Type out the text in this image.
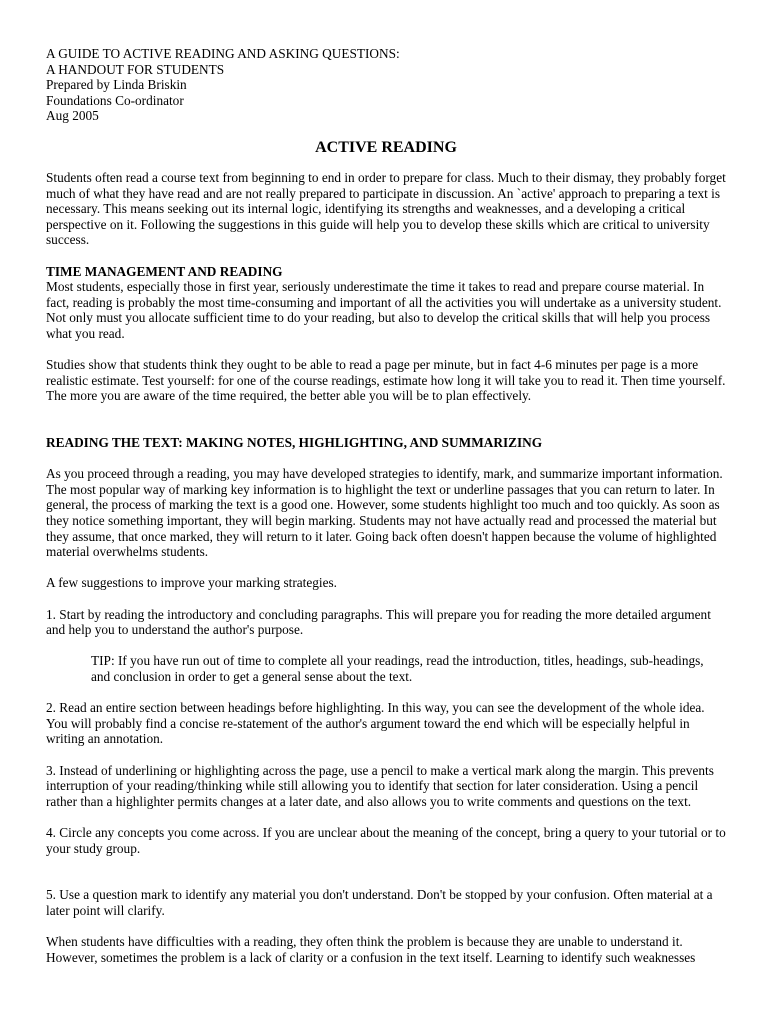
A GUIDE TO ACTIVE READING AND ASKING QUESTIONS:
A HANDOUT FOR STUDENTS
Prepared by Linda Briskin
Foundations Co-ordinator
Aug 2005
ACTIVE READING

Students often read a course text from beginning to end in order to prepare for class. Much to their dismay, they probably forget much of what they have read and are not really prepared to participate in discussion. An `active' approach to preparing a text is necessary. This means seeking out its internal logic, identifying its strengths and weaknesses, and a developing a critical perspective on it. Following the suggestions in this guide will help you to develop these skills which are critical to university success.

TIME MANAGEMENT AND READING

Most students, especially those in first year, seriously underestimate the time it takes to read and prepare course material. In fact, reading is probably the most time-consuming and important of all the activities you will undertake as a university student. Not only must you allocate sufficient time to do your reading, but also to develop the critical skills that will help you process what you read.

Studies show that students think they ought to be able to read a page per minute, but in fact 4-6 minutes per page is a more realistic estimate. Test yourself: for one of the course readings, estimate how long it will take you to read it. Then time yourself. The more you are aware of the time required, the better able you will be to plan effectively.

READING THE TEXT: MAKING NOTES, HIGHLIGHTING, AND SUMMARIZING

As you proceed through a reading, you may have developed strategies to identify, mark, and summarize important information. The most popular way of marking key information is to highlight the text or underline passages that you can return to later. In general, the process of marking the text is a good one. However, some students highlight too much and too quickly. As soon as they notice something important, they will begin marking. Students may not have actually read and processed the material but they assume, that once marked, they will return to it later. Going back often doesn't happen because the volume of highlighted material overwhelms students.

A few suggestions to improve your marking strategies.

1. Start by reading the introductory and concluding paragraphs. This will prepare you for reading the more detailed argument and help you to understand the author's purpose.

TIP: If you have run out of time to complete all your readings, read the introduction, titles, headings, sub-headings, and conclusion in order to get a general sense about the text.

2. Read an entire section between headings before highlighting. In this way, you can see the development of the whole idea. You will probably find a concise re-statement of the author's argument toward the end which will be especially helpful in writing an annotation.

3. Instead of underlining or highlighting across the page, use a pencil to make a vertical mark along the margin. This prevents interruption of your reading/thinking while still allowing you to identify that section for later consideration. Using a pencil rather than a highlighter permits changes at a later date, and also allows you to write comments and questions on the text.

4. Circle any concepts you come across. If you are unclear about the meaning of the concept, bring a query to your tutorial or to your study group.

5. Use a question mark to identify any material you don't understand. Don't be stopped by your confusion. Often material at a later point will clarify.

When students have difficulties with a reading, they often think the problem is because they are unable to understand it. However, sometimes the problem is a lack of clarity or a confusion in the text itself. Learning to identify such weaknesses
